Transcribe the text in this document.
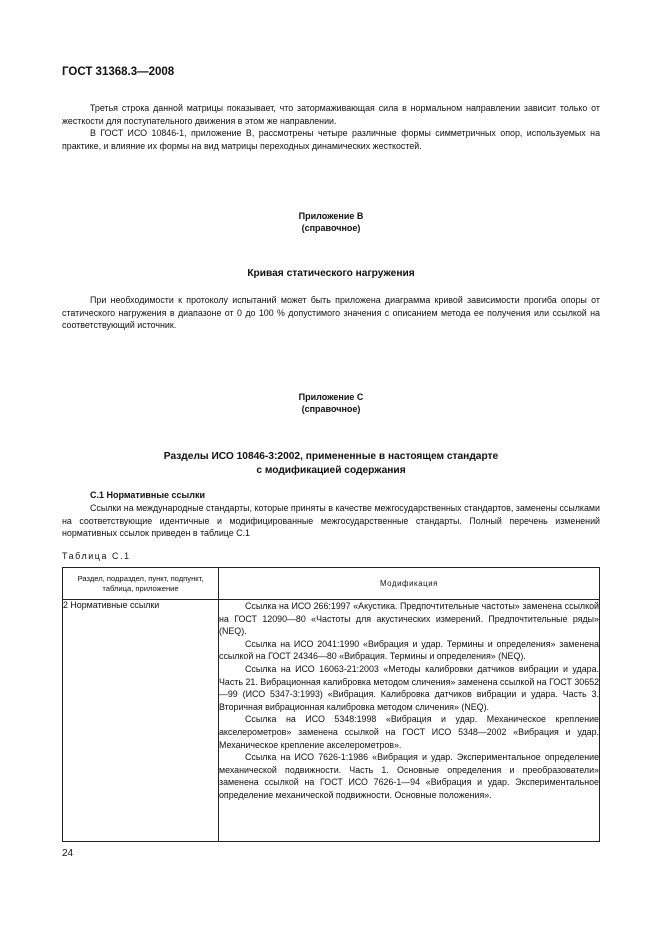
ГОСТ 31368.3—2008

Третья строка данной матрицы показывает, что затормаживающая сила в нормальном направлении зависит только от жесткости для поступательного движения в этом же направлении.

В ГОСТ ИСО 10846-1, приложение В, рассмотрены четыре различные формы симметричных опор, используемых на практике, и влияние их формы на вид матрицы переходных динамических жесткостей.

Приложение В
(справочное)
Кривая статического нагружения

При необходимости к протоколу испытаний может быть приложена диаграмма кривой зависимости прогиба опоры от статического нагружения в диапазоне от 0 до 100 % допустимого значения с описанием метода ее получения или ссылкой на соответствующий источник.

Приложение С
(справочное)
Разделы ИСО 10846-3:2002, примененные в настоящем стандарте
с модификацией содержания
С.1 Нормативные ссылки

Ссылки на международные стандарты, которые приняты в качестве межгосударственных стандартов, заменены ссылками на соответствующие идентичные и модифицированные межгосударственные стандарты. Полный перечень изменений нормативных ссылок приведен в таблице С.1

Таблица С.1
Раздел, подраздел, пункт, подпункт, таблица, приложение	Модификация
2 Нормативные ссылки	Ссылка на ИСО 266:1997 «Акустика. Предпочтительные частоты» заменена ссылкой на ГОСТ 12090—80 «Частоты для акустических измерений. Предпочтительные ряды» (NEQ).

Ссылка на ИСО 2041:1990 «Вибрация и удар. Термины и определения» заменена ссылкой на ГОСТ 24346—80 «Вибрация. Термины и определения» (NEQ).

Ссылка на ИСО 16063-21:2003 «Методы калибровки датчиков вибрации и удара. Часть 21. Вибрационная калибровка методом сличения» заменена ссылкой на ГОСТ 30652—99 (ИСО 5347-3:1993) «Вибрация. Калибровка датчиков вибрации и удара. Часть 3. Вторичная вибрационная калибровка методом сличения» (NEQ).

Ссылка на ИСО 5348:1998 «Вибрация и удар. Механическое крепление акселерометров» заменена ссылкой на ГОСТ ИСО 5348—2002 «Вибрация и удар. Механическое крепление акселерометров».

Ссылка на ИСО 7626-1:1986 «Вибрация и удар. Экспериментальное определение механической подвижности. Часть 1. Основные определения и преобразователи» заменена ссылкой на ГОСТ ИСО 7626-1—94 «Вибрация и удар. Экспериментальное определение механической подвижности. Основные положения».

24
